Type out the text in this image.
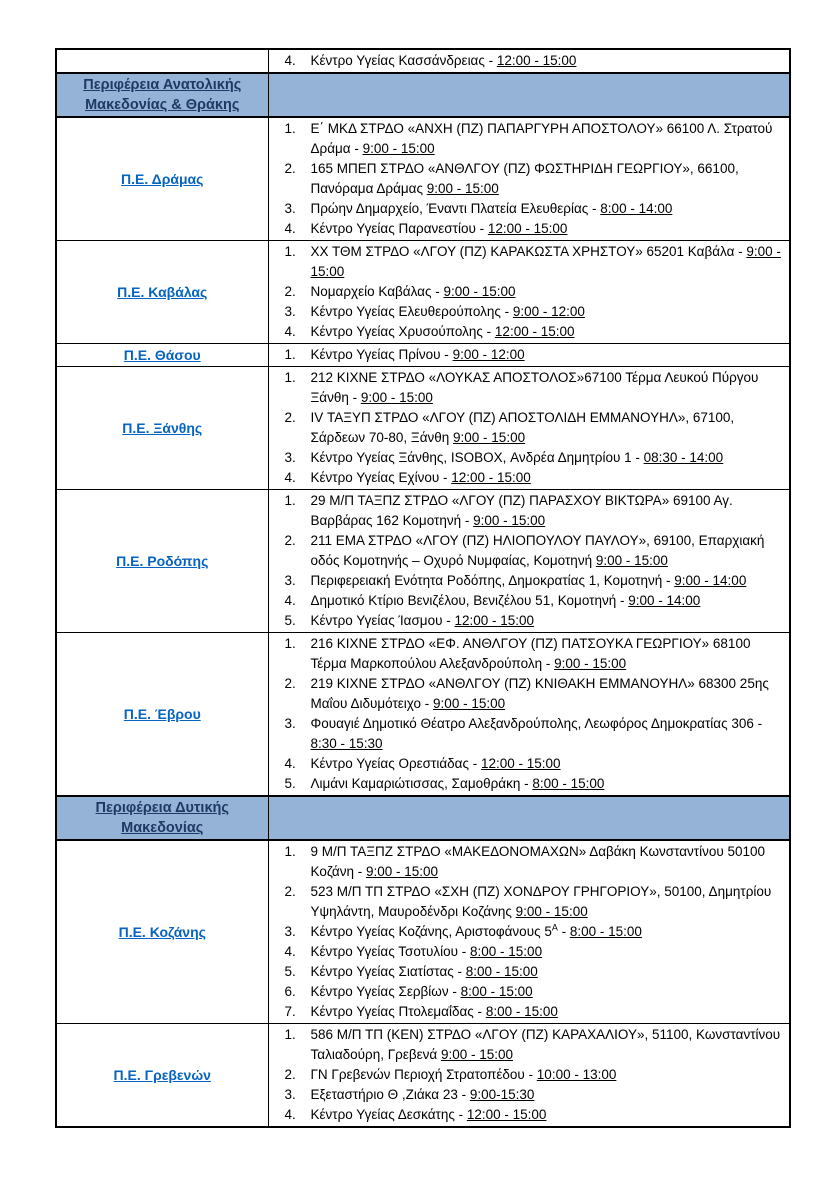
	4. Κέντρο Υγείας Κασσάνδρειας - 12:00 - 15:00

Περιφέρεια Ανατολικής Μακεδονίας & Θράκης	

Π.Ε. Δράμας	
1.	Ε΄ ΜΚΔ ΣΤΡΔΟ «ΑΝΧΗ (ΠΖ) ΠΑΠΑΡΓΥΡΗ ΑΠΟΣΤΟΛΟΥ» 66100 Λ. Στρατού Δράμα - 9:00 - 15:00
2.	165 ΜΠΕΠ ΣΤΡΔΟ «ΑΝΘΛΓΟΥ (ΠΖ) ΦΩΣΤΗΡΙΔΗ ΓΕΩΡΓΙΟΥ», 66100, Πανόραμα Δράμας 9:00 - 15:00
3.	Πρώην Δημαρχείο, Έναντι Πλατεία Ελευθερίας - 8:00 - 14:00
4.	Κέντρο Υγείας Παρανεστίου - 12:00 - 15:00

Π.Ε. Καβάλας	
1.	ΧΧ ΤΘΜ ΣΤΡΔΟ «ΛΓΟΥ (ΠΖ) ΚΑΡΑΚΩΣΤΑ ΧΡΗΣΤΟΥ» 65201 Καβάλα - 9:00 - 15:00
2.	Νομαρχείο Καβάλας - 9:00 - 15:00
3.	Κέντρο Υγείας Ελευθερούπολης - 9:00 - 12:00
4.	Κέντρο Υγείας Χρυσούπολης - 12:00 - 15:00

Π.Ε. Θάσου	1. Κέντρο Υγείας Πρίνου - 9:00 - 12:00

Π.Ε. Ξάνθης	
1.	212 ΚΙΧΝΕ ΣΤΡΔΟ «ΛΟΥΚΑΣ ΑΠΟΣΤΟΛΟΣ»67100 Τέρμα Λευκού Πύργου Ξάνθη - 9:00 - 15:00
2.	IV ΤΑΞΥΠ ΣΤΡΔΟ «ΛΓΟΥ (ΠΖ) ΑΠΟΣΤΟΛΙΔΗ ΕΜΜΑΝΟΥΗΛ», 67100, Σάρδεων 70-80, Ξάνθη 9:00 - 15:00
3.	Κέντρο Υγείας Ξάνθης, ISOBOX, Ανδρέα Δημητρίου 1 - 08:30 - 14:00
4.	Κέντρο Υγείας Εχίνου - 12:00 - 15:00

Π.Ε. Ροδόπης	
1.	29 Μ/Π ΤΑΞΠΖ ΣΤΡΔΟ «ΛΓΟΥ (ΠΖ) ΠΑΡΑΣΧΟΥ ΒΙΚΤΩΡΑ» 69100 Αγ. Βαρβάρας 162 Κομοτηνή - 9:00 - 15:00
2.	211 ΕΜΑ ΣΤΡΔΟ «ΛΓΟΥ (ΠΖ) ΗΛΙΟΠΟΥΛΟΥ ΠΑΥΛΟΥ», 69100, Επαρχιακή οδός Κομοτηνής – Οχυρό Νυμφαίας, Κομοτηνή 9:00 - 15:00
3.	Περιφερειακή Ενότητα Ροδόπης, Δημοκρατίας 1, Κομοτηνή - 9:00 - 14:00
4.	Δημοτικό Κτίριο Βενιζέλου, Βενιζέλου 51, Κομοτηνή - 9:00 - 14:00
5.	Κέντρο Υγείας Ίασμου - 12:00 - 15:00

Π.Ε. Έβρου	
1.	216 ΚΙΧΝΕ ΣΤΡΔΟ «ΕΦ. ΑΝΘΛΓΟΥ (ΠΖ) ΠΑΤΣΟΥΚΑ ΓΕΩΡΓΙΟΥ» 68100 Τέρμα Μαρκοπούλου Αλεξανδρούπολη - 9:00 - 15:00
2.	219 ΚΙΧΝΕ ΣΤΡΔΟ «ΑΝΘΛΓΟΥ (ΠΖ) ΚΝΙΘΑΚΗ ΕΜΜΑΝΟΥΗΛ» 68300 25ης Μαΐου Διδυμότειχο - 9:00 - 15:00
3.	Φουαγιέ Δημοτικό Θέατρο Αλεξανδρούπολης, Λεωφόρος Δημοκρατίας 306 - 8:30 - 15:30
4.	Κέντρο Υγείας Ορεστιάδας - 12:00 - 15:00
5.	Λιμάνι Καμαριώτισσας, Σαμοθράκη - 8:00 - 15:00

Περιφέρεια Δυτικής Μακεδονίας	

Π.Ε. Κοζάνης	
1.	9 Μ/Π ΤΑΞΠΖ ΣΤΡΔΟ «ΜΑΚΕΔΟΝΟΜΑΧΩΝ» Δαβάκη Κωνσταντίνου 50100 Κοζάνη - 9:00 - 15:00
2.	523 Μ/Π ΤΠ ΣΤΡΔΟ «ΣΧΗ (ΠΖ) ΧΟΝΔΡΟΥ ΓΡΗΓΟΡΙΟΥ», 50100, Δημητρίου Υψηλάντη, Μαυροδένδρι Κοζάνης 9:00 - 15:00
3.	Κέντρο Υγείας Κοζάνης, Αριστοφάνους $5^A$ - 8:00 - 15:00
4.	Κέντρο Υγείας Τσοτυλίου - 8:00 - 15:00
5.	Κέντρο Υγείας Σιατίστας - 8:00 - 15:00
6.	Κέντρο Υγείας Σερβίων - 8:00 - 15:00
7.	Κέντρο Υγείας Πτολεμαΐδας - 8:00 - 15:00

Π.Ε. Γρεβενών	
1.	586 Μ/Π ΤΠ (ΚΕΝ) ΣΤΡΔΟ «ΛΓΟΥ (ΠΖ) ΚΑΡΑΧΑΛΙΟΥ», 51100, Κωνσταντίνου Ταλιαδούρη, Γρεβενά 9:00 - 15:00
2.	ΓΝ Γρεβενών Περιοχή Στρατοπέδου - 10:00 - 13:00
3.	Εξεταστήριο Θ ,Ζιάκα 23 - 9:00-15:30
4.	Κέντρο Υγείας Δεσκάτης - 12:00 - 15:00
